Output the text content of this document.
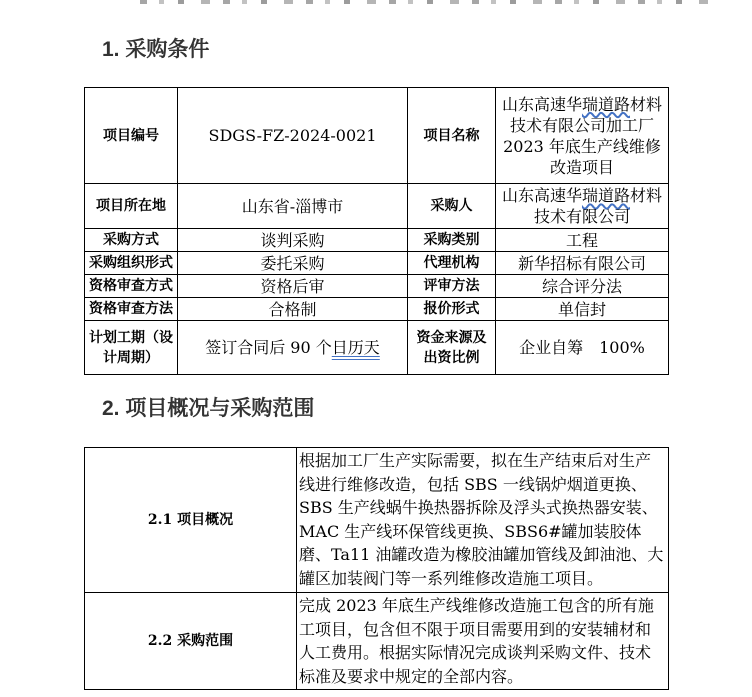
1. 采购条件
项目编号	SDGS-FZ-2024-0021	项目名称	山东高速华瑞道路材料技术有限公司加工厂2023 年底生产线维修改造项目
项目所在地	山东省-淄博市	采购人	山东高速华瑞道路材料技术有限公司
采购方式	谈判采购	采购类别	工程
采购组织形式	委托采购	代理机构	新华招标有限公司
资格审查方式	资格后审	评审方法	综合评分法
资格审查方法	合格制	报价形式	单信封
计划工期（设计周期）	签订合同后 90 个日历天	资金来源及出资比例	企业自筹　100%
2. 项目概况与采购范围
2.1 项目概况	根据加工厂生产实际需要，拟在生产结束后对生产线进行维修改造，包括 SBS 一线锅炉烟道更换、SBS 生产线蜗牛换热器拆除及浮头式换热器安装、MAC 生产线环保管线更换、SBS6#罐加装胶体磨、Ta11 油罐改造为橡胶油罐加管线及卸油池、大罐区加装阀门等一系列维修改造施工项目。
2.2 采购范围	完成 2023 年底生产线维修改造施工包含的所有施工项目，包含但不限于项目需要用到的安装辅材和人工费用。根据实际情况完成谈判采购文件、技术标准及要求中规定的全部内容。
